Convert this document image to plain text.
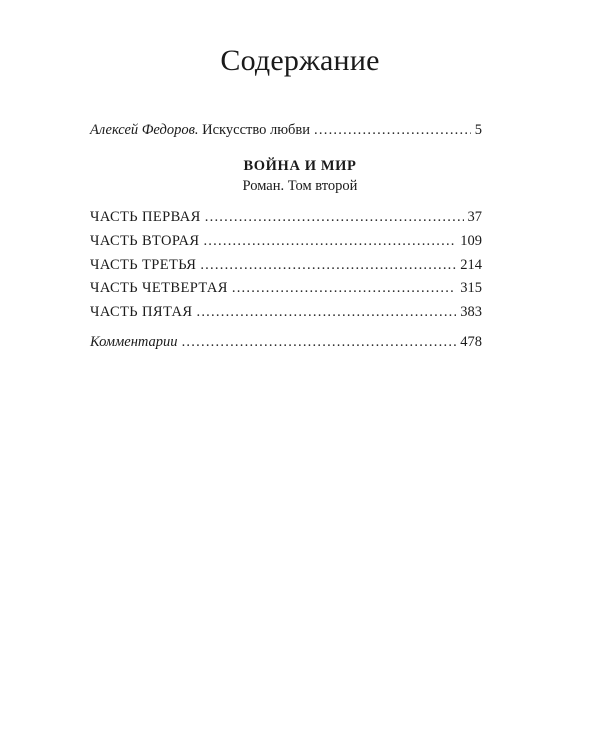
Содержание
Алексей Федоров. Искусство любви . . .	5
ВОЙНА И МИР
Роман. Том второй
ЧАСТЬ ПЕРВАЯ . . .	37
ЧАСТЬ ВТОРАЯ . . .	109
ЧАСТЬ ТРЕТЬЯ . . .	214
ЧАСТЬ ЧЕТВЕРТАЯ . . .	315
ЧАСТЬ ПЯТАЯ . . .	383
Комментарии . . .	478
